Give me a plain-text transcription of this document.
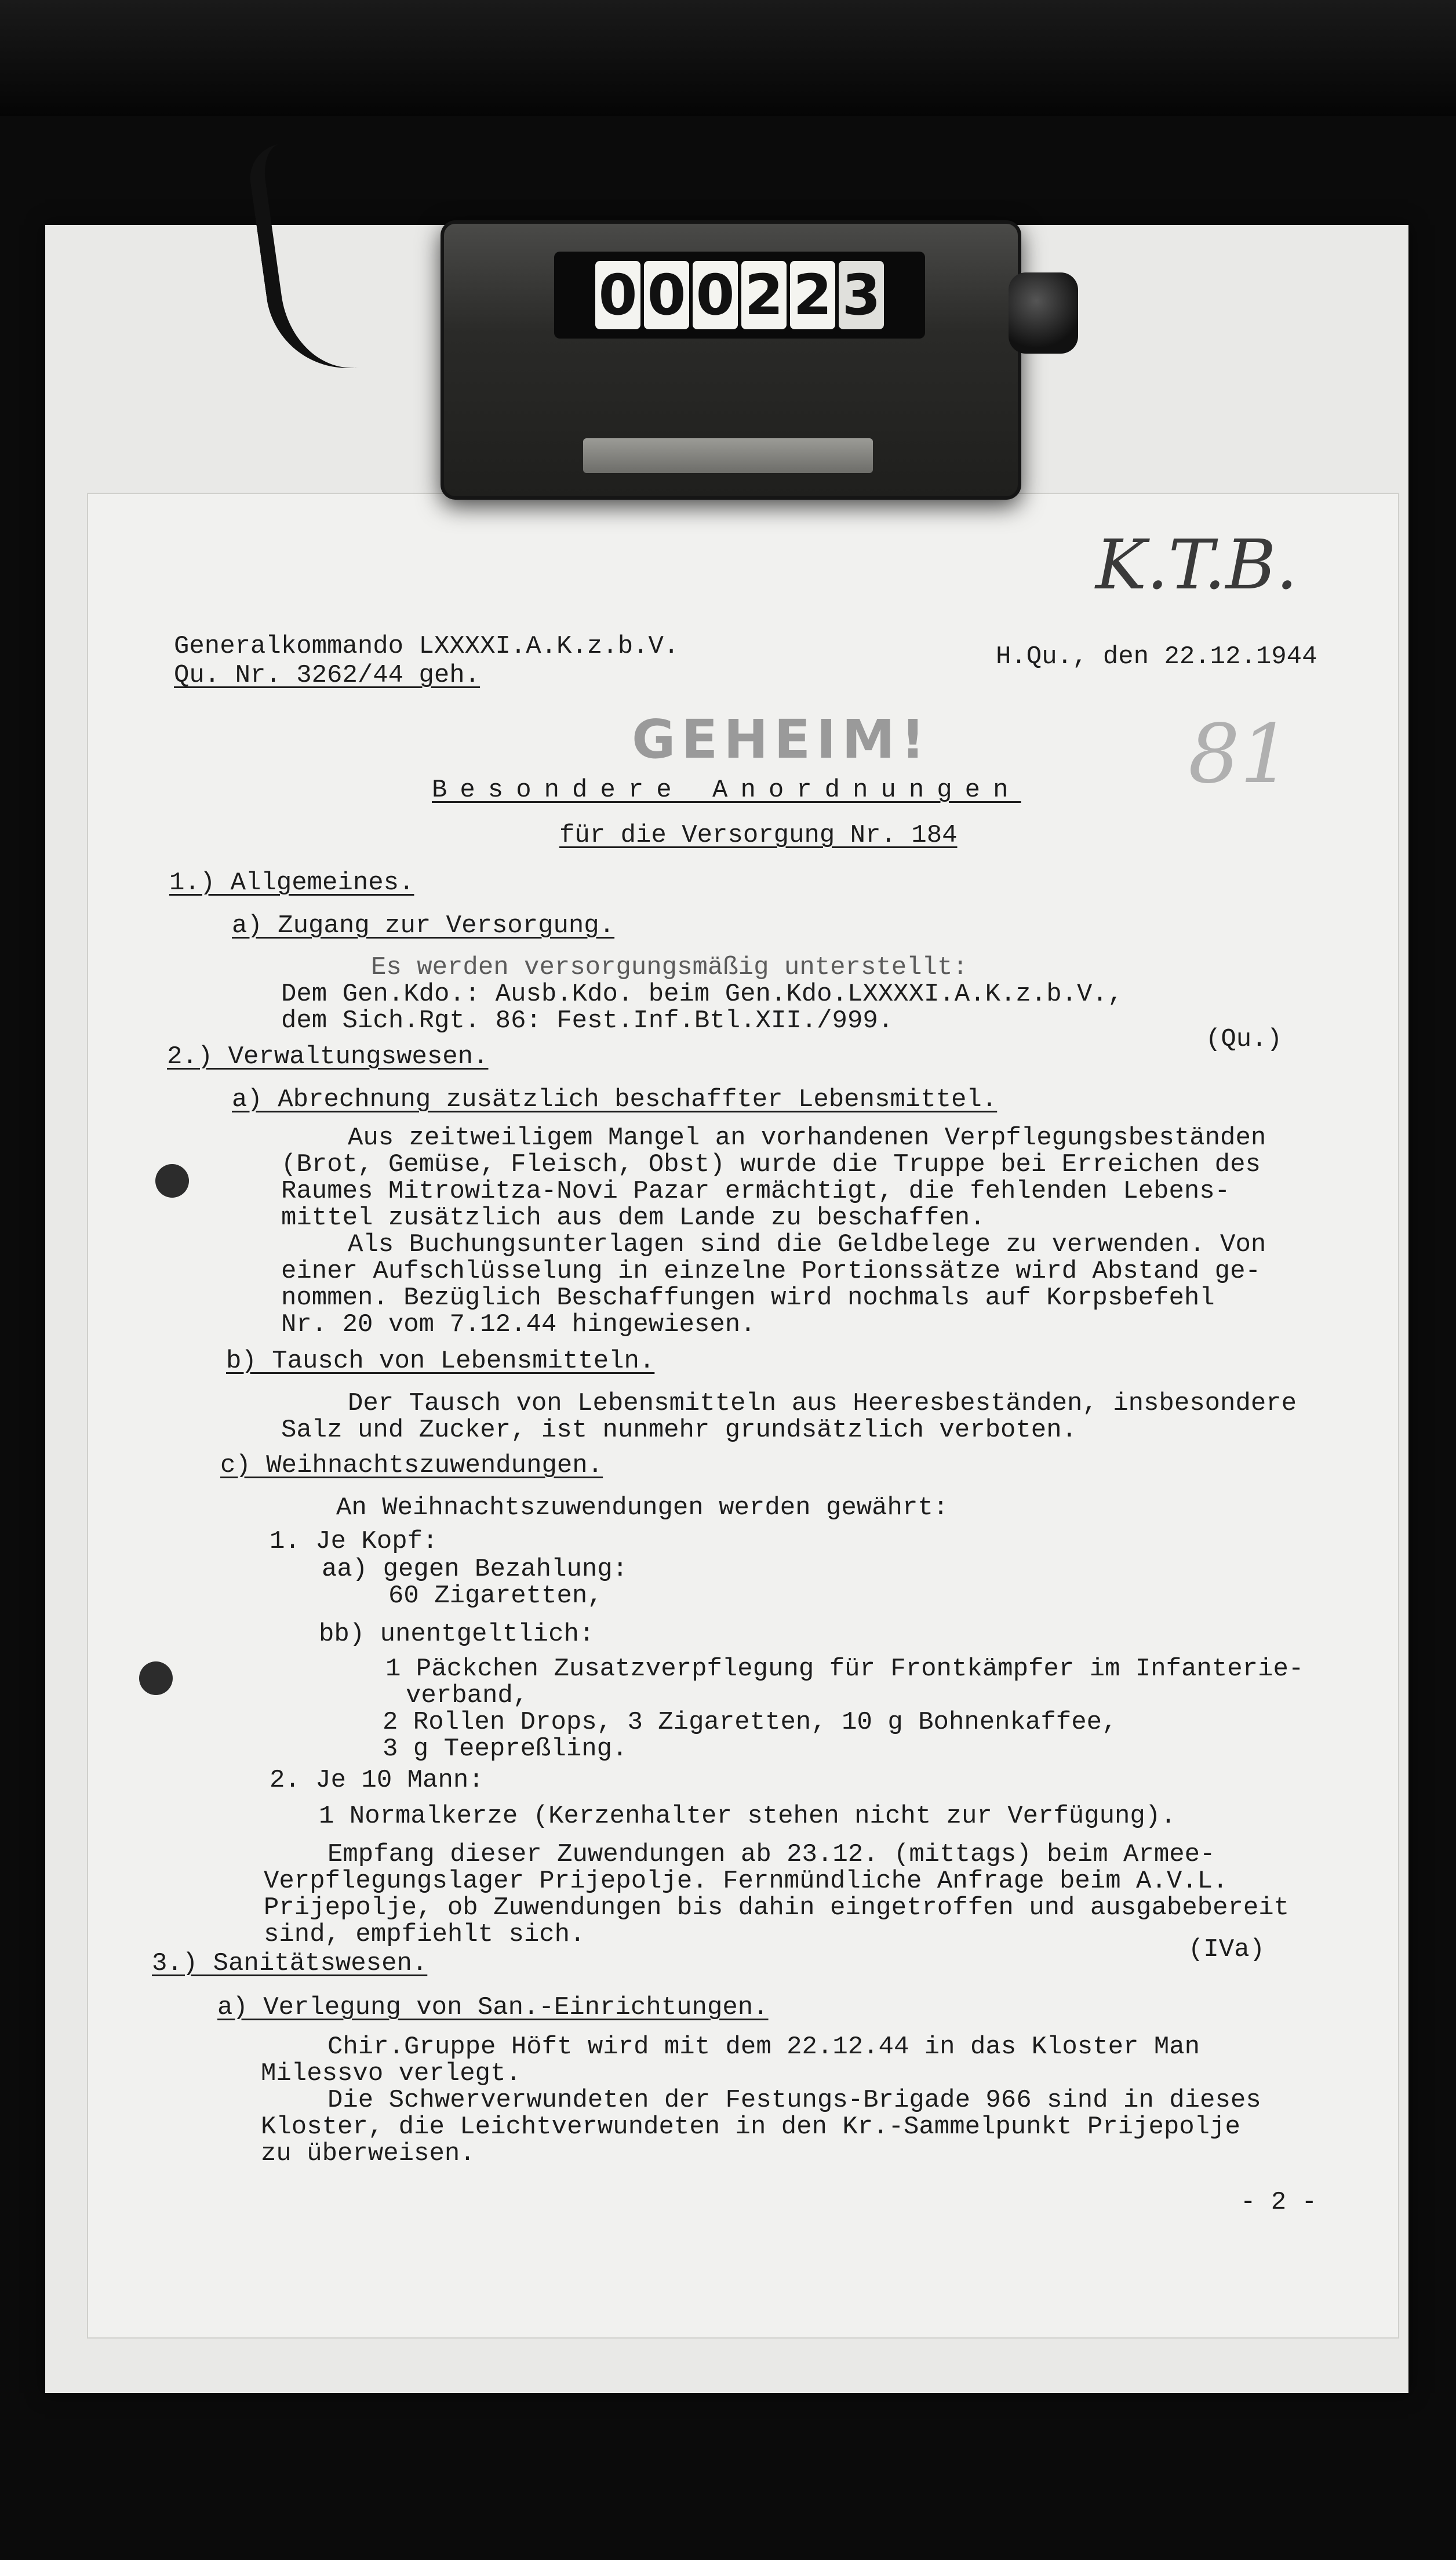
0 0 0 2 2 3
K.T.B.
81
Generalkommando LXXXXI.A.K.z.b.V.
Qu. Nr. 3262/44 geh.
H.Qu., den 22.12.1944
GEHEIM!
Besondere Anordnungen
für die Versorgung Nr. 184
1.) Allgemeines.
a) Zugang zur Versorgung.
Es werden versorgungsmäßig unterstellt:
Dem Gen.Kdo.: Ausb.Kdo. beim Gen.Kdo.LXXXXI.A.K.z.b.V.,
dem Sich.Rgt. 86: Fest.Inf.Btl.XII./999.
(Qu.)
2.) Verwaltungswesen.
a) Abrechnung zusätzlich beschaffter Lebensmittel.
Aus zeitweiligem Mangel an vorhandenen Verpflegungsbeständen
(Brot, Gemüse, Fleisch, Obst) wurde die Truppe bei Erreichen des
Raumes Mitrowitza-Novi Pazar ermächtigt, die fehlenden Lebens-
mittel zusätzlich aus dem Lande zu beschaffen.
Als Buchungsunterlagen sind die Geldbelege zu verwenden. Von
einer Aufschlüsselung in einzelne Portionssätze wird Abstand ge-
nommen. Bezüglich Beschaffungen wird nochmals auf Korpsbefehl
Nr. 20 vom 7.12.44 hingewiesen.
b) Tausch von Lebensmitteln.
Der Tausch von Lebensmitteln aus Heeresbeständen, insbesondere
Salz und Zucker, ist nunmehr grundsätzlich verboten.
c) Weihnachtszuwendungen.
An Weihnachtszuwendungen werden gewährt:
1. Je Kopf:
aa) gegen Bezahlung:
60 Zigaretten,
bb) unentgeltlich:
1 Päckchen Zusatzverpflegung für Frontkämpfer im Infanterie-
verband,
2 Rollen Drops, 3 Zigaretten, 10 g Bohnenkaffee,
3 g Teepreßling.
2. Je 10 Mann:
1 Normalkerze (Kerzenhalter stehen nicht zur Verfügung).
Empfang dieser Zuwendungen ab 23.12. (mittags) beim Armee-
Verpflegungslager Prijepolje. Fernmündliche Anfrage beim A.V.L.
Prijepolje, ob Zuwendungen bis dahin eingetroffen und ausgabebereit
sind, empfiehlt sich.
(IVa)
3.) Sanitätswesen.
a) Verlegung von San.-Einrichtungen.
Chir.Gruppe Höft wird mit dem 22.12.44 in das Kloster Man
Milessvo verlegt.
Die Schwerverwundeten der Festungs-Brigade 966 sind in dieses
Kloster, die Leichtverwundeten in den Kr.-Sammelpunkt Prijepolje
zu überweisen.
- 2 -
